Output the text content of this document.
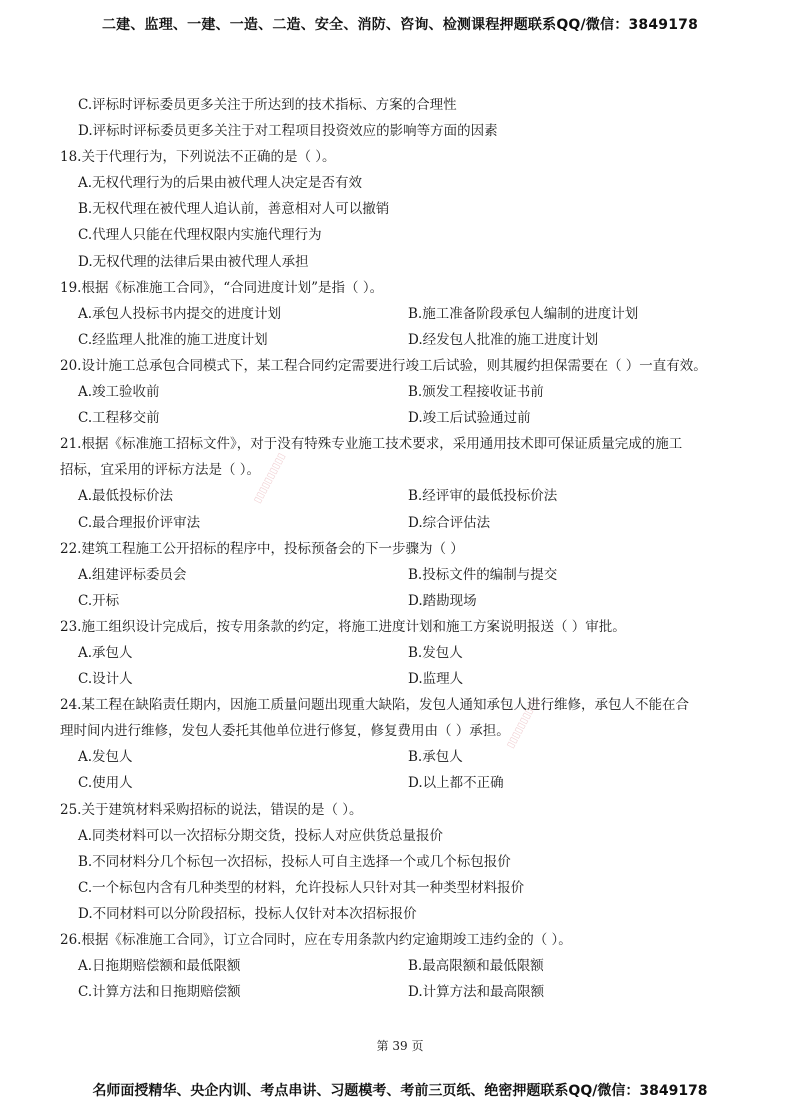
二建、监理、一建、一造、二造、安全、消防、咨询、检测课程押题联系QQ/微信：3849178
C.评标时评标委员更多关注于所达到的技术指标、方案的合理性
D.评标时评标委员更多关注于对工程项目投资效应的影响等方面的因素
18.关于代理行为，下列说法不正确的是（ ）。
A.无权代理行为的后果由被代理人决定是否有效
B.无权代理在被代理人追认前，善意相对人可以撤销
C.代理人只能在代理权限内实施代理行为
D.无权代理的法律后果由被代理人承担
19.根据《标准施工合同》，“合同进度计划”是指（ ）。
A.承包人投标书内提交的进度计划	B.施工准备阶段承包人编制的进度计划
C.经监理人批准的施工进度计划	D.经发包人批准的施工进度计划
20.设计施工总承包合同模式下，某工程合同约定需要进行竣工后试验，则其履约担保需要在（ ）一直有效。
A.竣工验收前	B.颁发工程接收证书前
C.工程移交前	D.竣工后试验通过前
21.根据《标准施工招标文件》，对于没有特殊专业施工技术要求，采用通用技术即可保证质量完成的施工
招标，宜采用的评标方法是（ ）。
A.最低投标价法	B.经评审的最低投标价法
C.最合理报价评审法	D.综合评估法
22.建筑工程施工公开招标的程序中，投标预备会的下一步骤为（ ）
A.组建评标委员会	B.投标文件的编制与提交
C.开标	D.踏勘现场
23.施工组织设计完成后，按专用条款的约定，将施工进度计划和施工方案说明报送（ ）审批。
A.承包人	B.发包人
C.设计人	D.监理人
24.某工程在缺陷责任期内，因施工质量问题出现重大缺陷，发包人通知承包人进行维修，承包人不能在合
理时间内进行维修，发包人委托其他单位进行修复，修复费用由（ ）承担。
A.发包人	B.承包人
C.使用人	D.以上都不正确
25.关于建筑材料采购招标的说法，错误的是（ ）。
A.同类材料可以一次招标分期交货，投标人对应供货总量报价
B.不同材料分几个标包一次招标，投标人可自主选择一个或几个标包报价
C.一个标包内含有几种类型的材料，允许投标人只针对其一种类型材料报价
D.不同材料可以分阶段招标，投标人仅针对本次招标报价
26.根据《标准施工合同》，订立合同时，应在专用条款内约定逾期竣工违约金的（ ）。
A.日拖期赔偿额和最低限额	B.最高限额和最低限额
C.计算方法和日拖期赔偿额	D.计算方法和最高限额
▯▯▯▯▯▯▯▯▯▯
▯▯▯▯▯▯▯▯▯▯
第 39 页
名师面授精华、央企内训、考点串讲、习题模考、考前三页纸、绝密押题联系QQ/微信：3849178
